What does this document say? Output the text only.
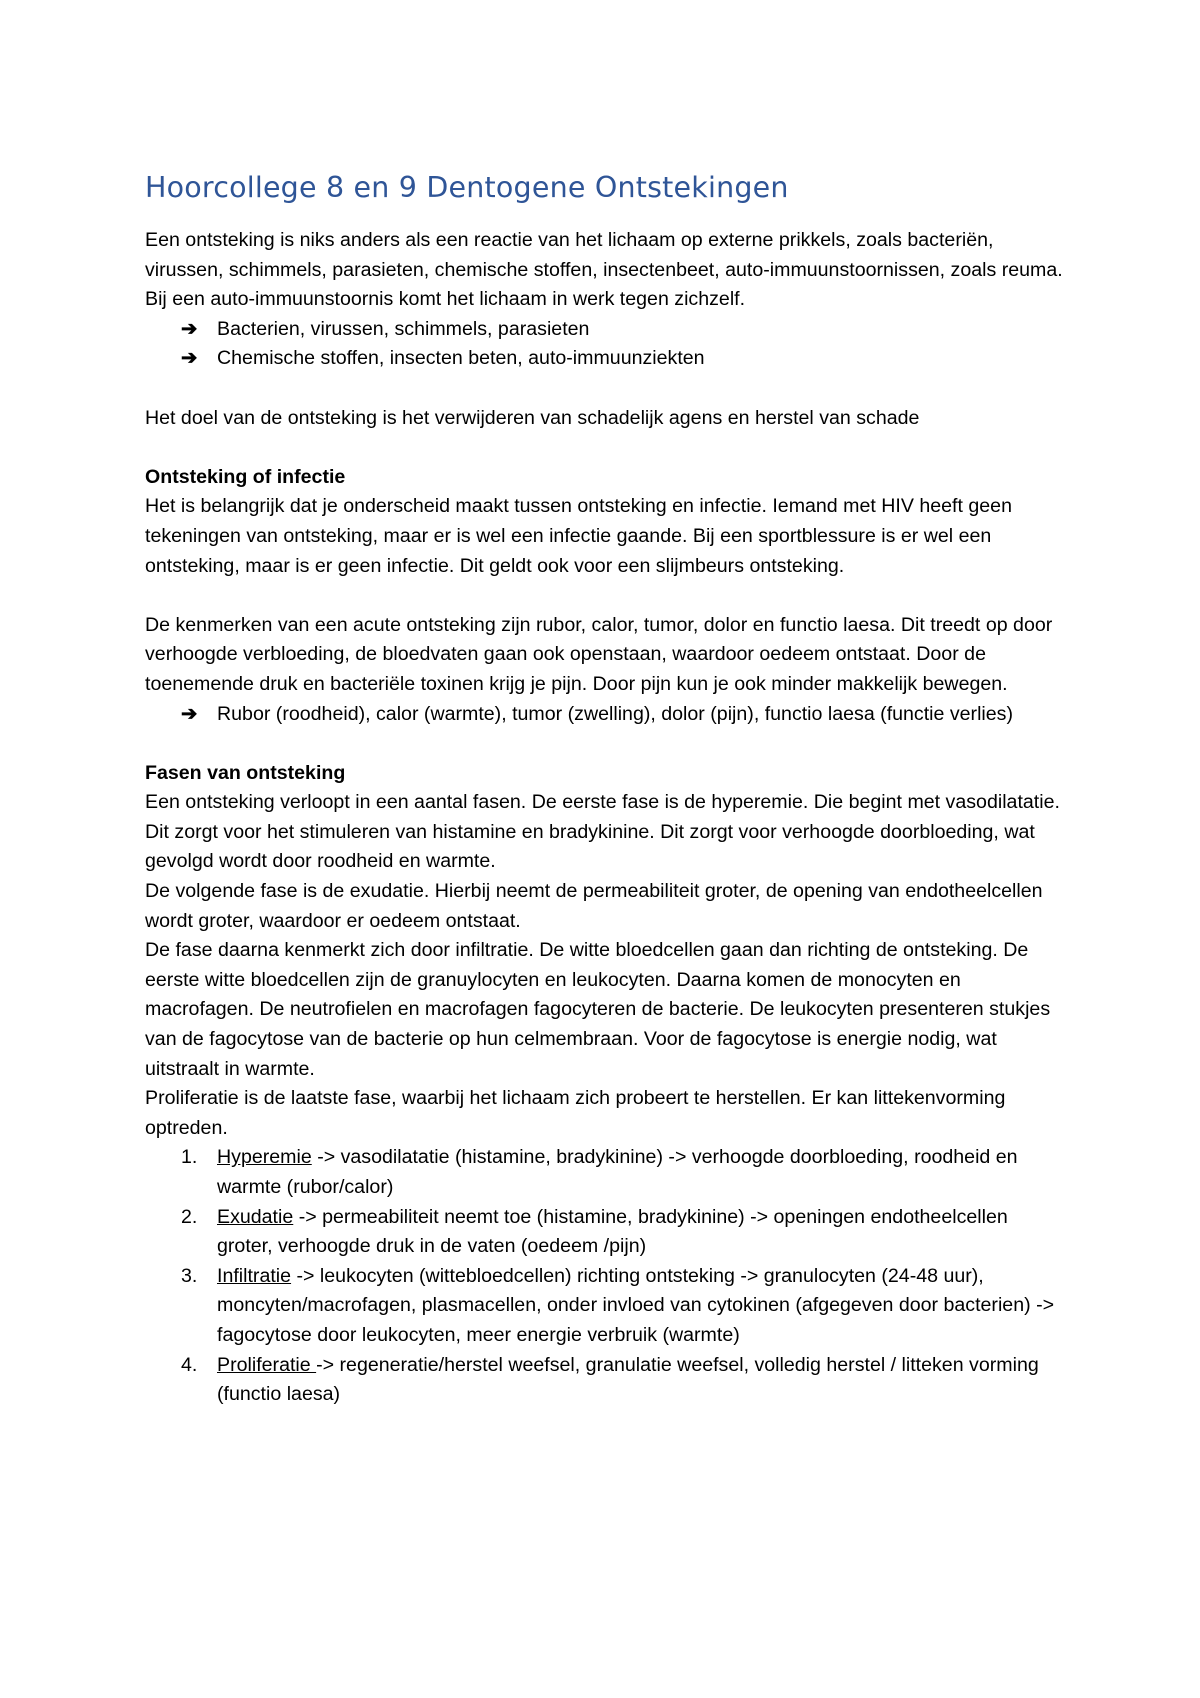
Hoorcollege 8 en 9 Dentogene Ontstekingen

Een ontsteking is niks anders als een reactie van het lichaam op externe prikkels, zoals bacteriën, virussen, schimmels, parasieten, chemische stoffen, insectenbeet, auto-immuunstoornissen, zoals reuma. Bij een auto-immuunstoornis komt het lichaam in werk tegen zichzelf.

➔ Bacterien, virussen, schimmels, parasieten
➔ Chemische stoffen, insecten beten, auto-immuunziekten

Het doel van de ontsteking is het verwijderen van schadelijk agens en herstel van schade

Ontsteking of infectie

Het is belangrijk dat je onderscheid maakt tussen ontsteking en infectie. Iemand met HIV heeft geen tekeningen van ontsteking, maar er is wel een infectie gaande. Bij een sportblessure is er wel een ontsteking, maar is er geen infectie. Dit geldt ook voor een slijmbeurs ontsteking.

De kenmerken van een acute ontsteking zijn rubor, calor, tumor, dolor en functio laesa. Dit treedt op door verhoogde verbloeding, de bloedvaten gaan ook openstaan, waardoor oedeem ontstaat. Door de toenemende druk en bacteriële toxinen krijg je pijn. Door pijn kun je ook minder makkelijk bewegen.

➔ Rubor (roodheid), calor (warmte), tumor (zwelling), dolor (pijn), functio laesa (functie verlies)

Fasen van ontsteking

Een ontsteking verloopt in een aantal fasen. De eerste fase is de hyperemie. Die begint met vasodilatatie. Dit zorgt voor het stimuleren van histamine en bradykinine. Dit zorgt voor verhoogde doorbloeding, wat gevolgd wordt door roodheid en warmte.

De volgende fase is de exudatie. Hierbij neemt de permeabiliteit groter, de opening van endotheelcellen wordt groter, waardoor er oedeem ontstaat.

De fase daarna kenmerkt zich door infiltratie. De witte bloedcellen gaan dan richting de ontsteking. De eerste witte bloedcellen zijn de granuylocyten en leukocyten. Daarna komen de monocyten en macrofagen. De neutrofielen en macrofagen fagocyteren de bacterie. De leukocyten presenteren stukjes van de fagocytose van de bacterie op hun celmembraan. Voor de fagocytose is energie nodig, wat uitstraalt in warmte.

Proliferatie is de laatste fase, waarbij het lichaam zich probeert te herstellen. Er kan littekenvorming optreden.

1. Hyperemie -> vasodilatatie (histamine, bradykinine) -> verhoogde doorbloeding, roodheid en warmte (rubor/calor)
2. Exudatie -> permeabiliteit neemt toe (histamine, bradykinine) -> openingen endotheelcellen groter, verhoogde druk in de vaten (oedeem /pijn)
3. Infiltratie -> leukocyten (wittebloedcellen) richting ontsteking -> granulocyten (24-48 uur), moncyten/macrofagen, plasmacellen, onder invloed van cytokinen (afgegeven door bacterien) -> fagocytose door leukocyten, meer energie verbruik (warmte)
4. Proliferatie -> regeneratie/herstel weefsel, granulatie weefsel, volledig herstel / litteken vorming (functio laesa)
